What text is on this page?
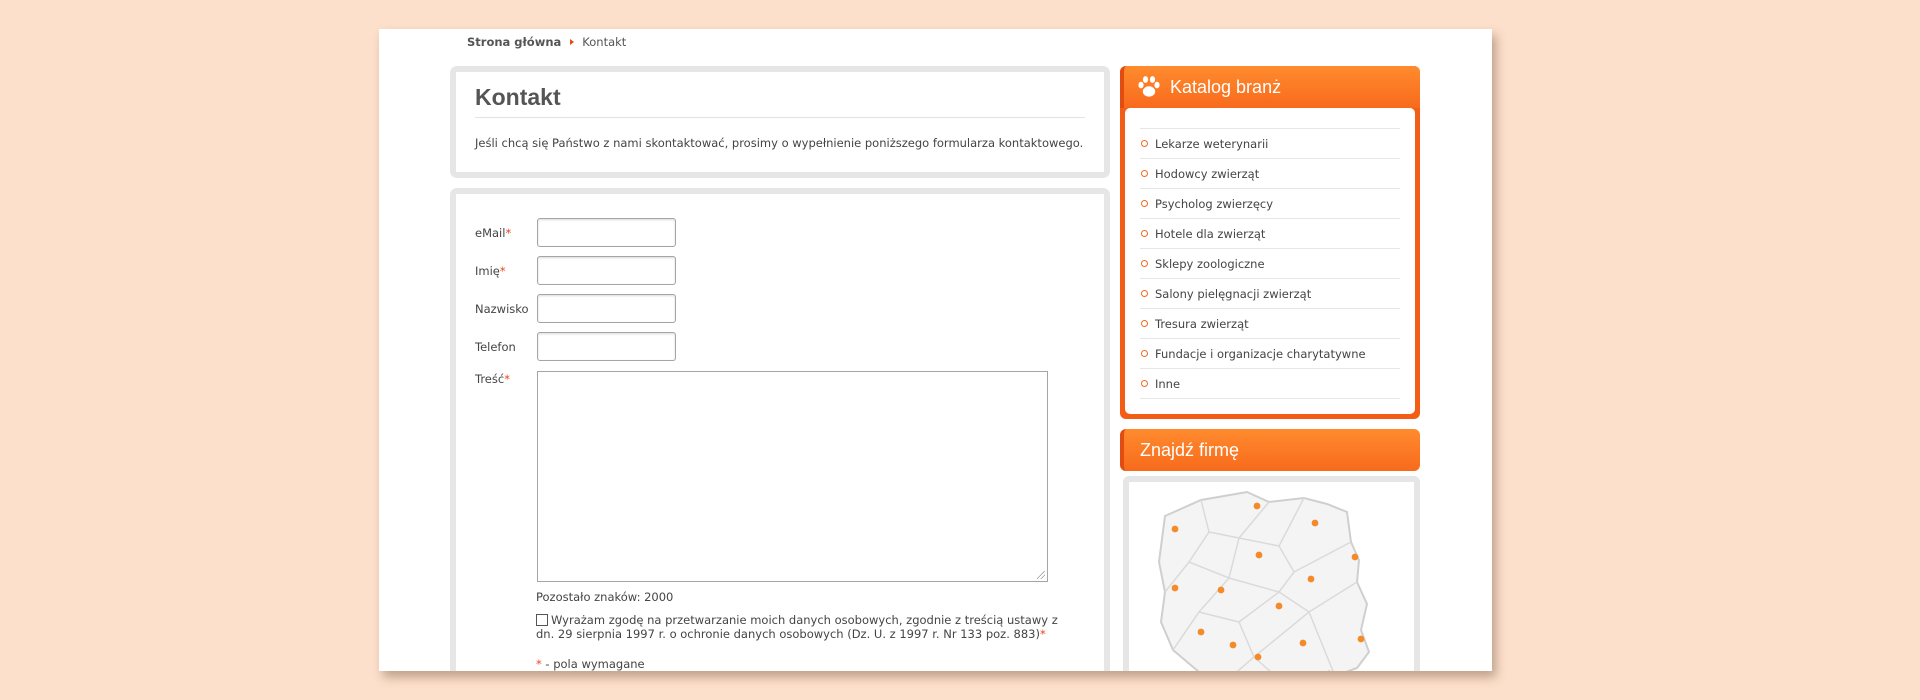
Strona główna Kontakt
Kontakt

Jeśli chcą się Państwo z nami skontaktować, prosimy o wypełnienie poniższego formularza kontaktowego.

eMail*
Imię*
Nazwisko
Telefon
Treść*
Pozostało znaków: 2000
Wyrażam zgodę na przetwarzanie moich danych osobowych, zgodnie z treścią ustawy z dn. 29 sierpnia 1997 r. o ochronie danych osobowych (Dz. U. z 1997 r. Nr 133 poz. 883)*
* - pola wymagane
Katalog branż
Lekarze weterynarii
Hodowcy zwierząt
Psycholog zwierzęcy
Hotele dla zwierząt
Sklepy zoologiczne
Salony pielęgnacji zwierząt
Tresura zwierząt
Fundacje i organizacje charytatywne
Inne
Znajdź firmę
